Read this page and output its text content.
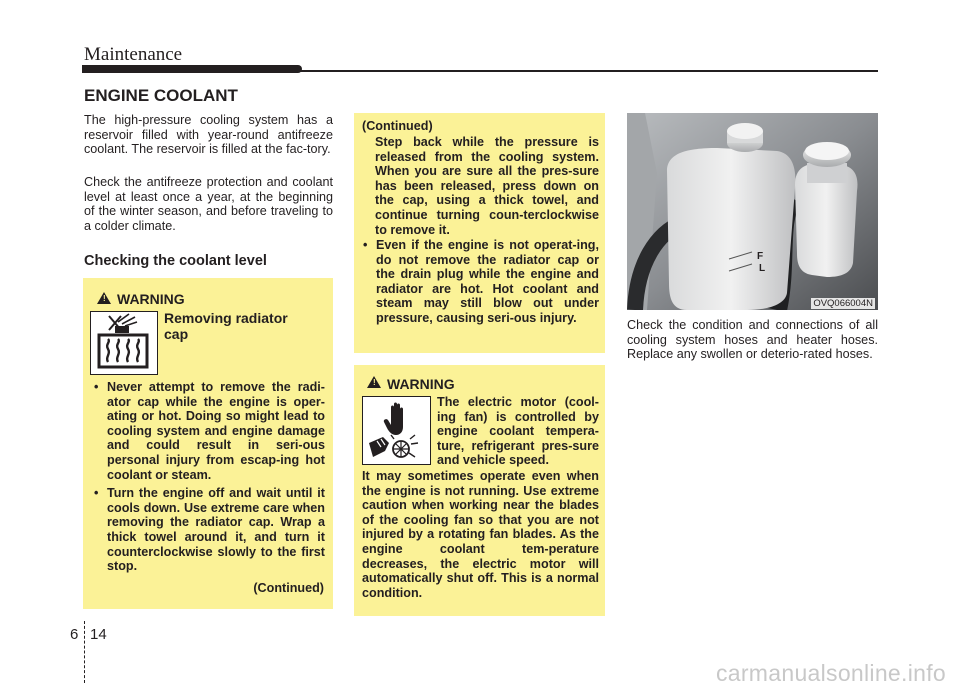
Maintenance
ENGINE COOLANT
The high-pressure cooling system has a reservoir filled with year-round antifreeze coolant. The reservoir is filled at the fac-tory.
Check the antifreeze protection and coolant level at least once a year, at the beginning of the winter season, and before traveling to a colder climate.
Checking the coolant level
! WARNING
Removing radiator
cap
• Never attempt to remove the radi-ator cap while the engine is oper-ating or hot. Doing so might lead to cooling system and engine damage and could result in seri-ous personal injury from escap-ing hot coolant or steam.
• Turn the engine off and wait until it cools down. Use extreme care when removing the radiator cap. Wrap a thick towel around it, and turn it counterclockwise slowly to the first stop.
(Continued)
(Continued)
Step back while the pressure is released from the cooling system. When you are sure all the pres-sure has been released, press down on the cap, using a thick towel, and continue turning coun-terclockwise to remove it.
• Even if the engine is not operat-ing, do not remove the radiator cap or the drain plug while the engine and radiator are hot. Hot coolant and steam may still blow out under pressure, causing seri-ous injury.
! WARNING
The electric motor (cool-ing fan) is controlled by engine coolant tempera-ture, refrigerant pres-sure and vehicle speed.
It may sometimes operate even when the engine is not running. Use extreme caution when working near the blades of the cooling fan so that you are not injured by a rotating fan blades. As the engine coolant tem-perature decreases, the electric motor will automatically shut off. This is a normal condition.
F
L
OVQ066004N
Check the condition and connections of all cooling system hoses and heater hoses. Replace any swollen or deterio-rated hoses.
6 14
carmanualsonline.info
